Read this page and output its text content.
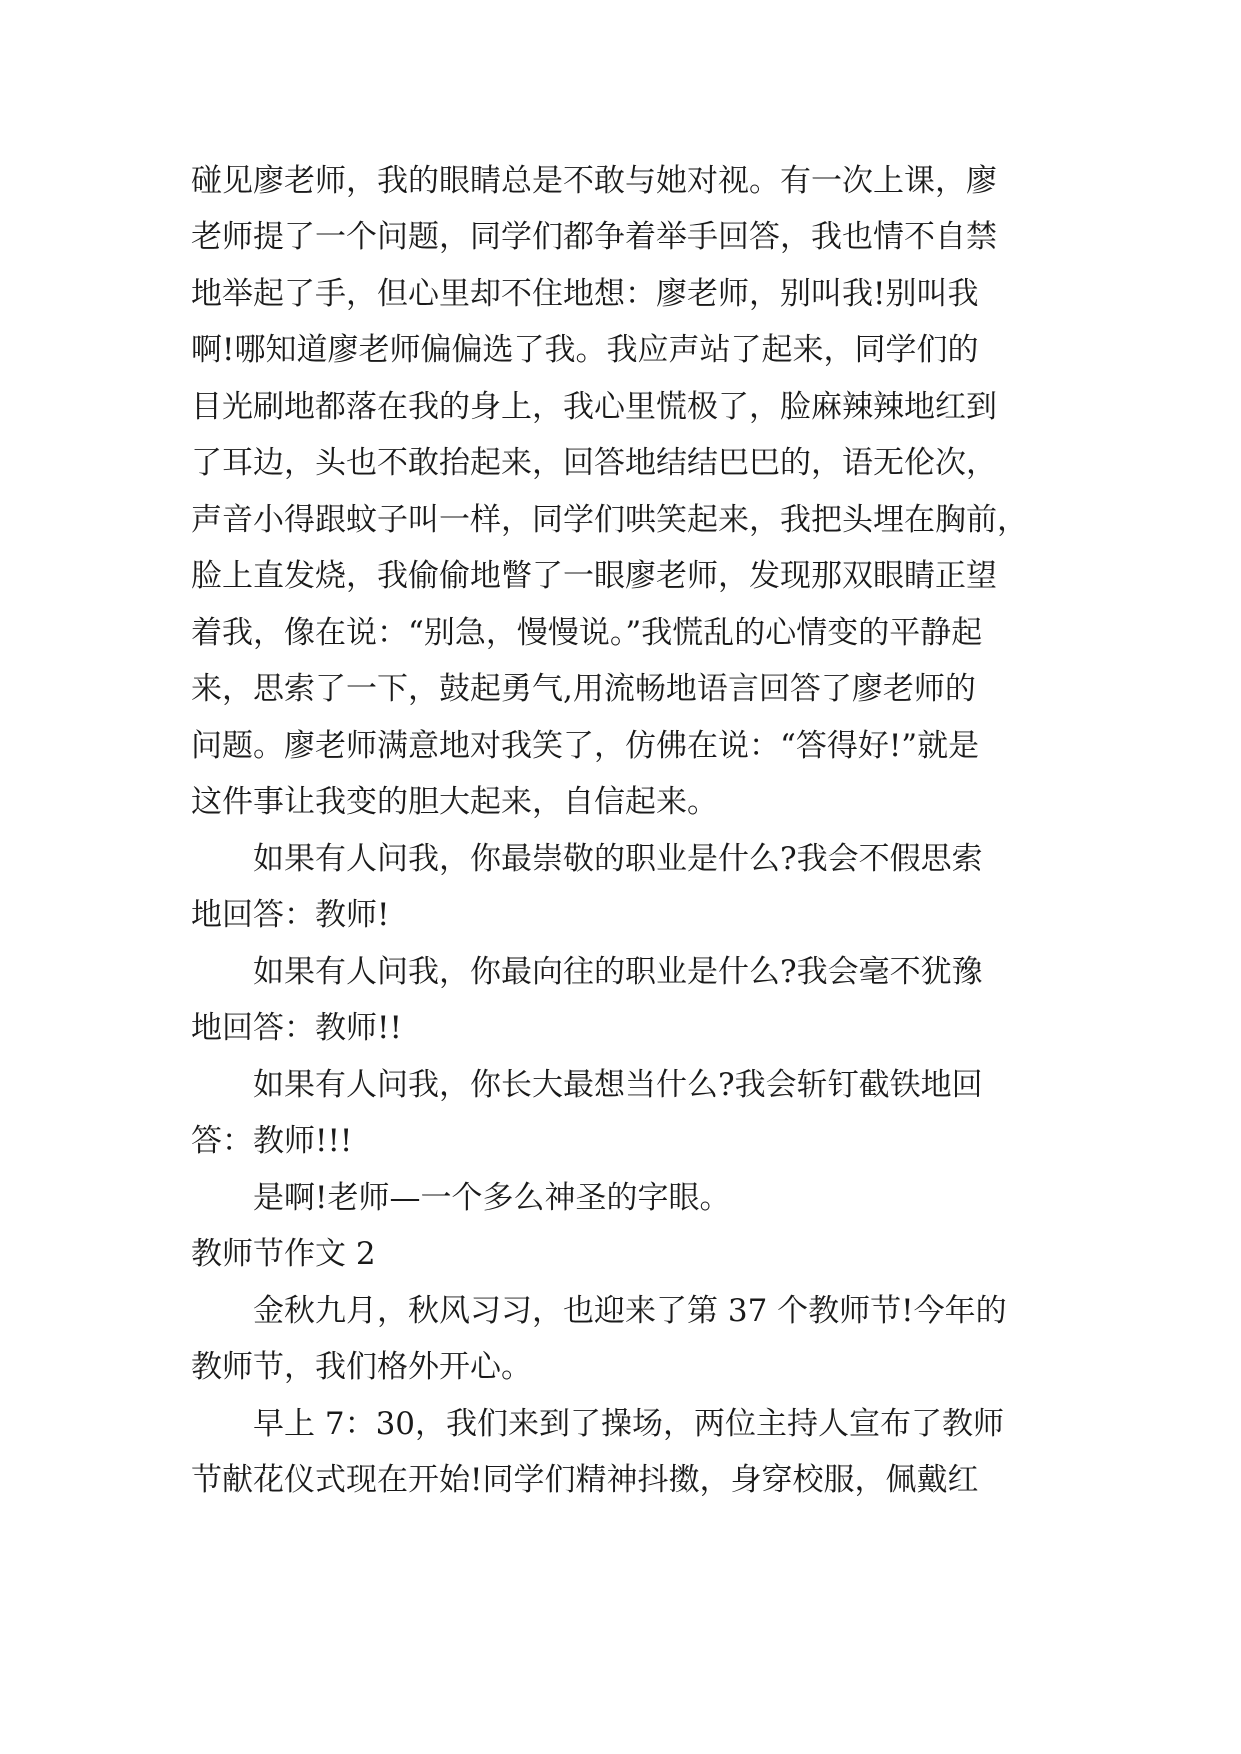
碰见廖老师，我的眼睛总是不敢与她对视。有一次上课，廖
老师提了一个问题，同学们都争着举手回答，我也情不自禁
地举起了手，但心里却不住地想：廖老师，别叫我!别叫我
啊!哪知道廖老师偏偏选了我。我应声站了起来，同学们的
目光刷地都落在我的身上，我心里慌极了，脸麻辣辣地红到
了耳边，头也不敢抬起来，回答地结结巴巴的，语无伦次，
声音小得跟蚊子叫一样，同学们哄笑起来，我把头埋在胸前，
脸上直发烧，我偷偷地瞥了一眼廖老师，发现那双眼睛正望
着我，像在说：“别急，慢慢说。”我慌乱的心情变的平静起
来，思索了一下，鼓起勇气,用流畅地语言回答了廖老师的
问题。廖老师满意地对我笑了，仿佛在说：“答得好!”就是
这件事让我变的胆大起来，自信起来。
如果有人问我，你最崇敬的职业是什么?我会不假思索
地回答：教师!
如果有人问我，你最向往的职业是什么?我会毫不犹豫
地回答：教师!!
如果有人问我，你长大最想当什么?我会斩钉截铁地回
答：教师!!!
是啊!老师—一个多么神圣的字眼。
教师节作文 2
金秋九月，秋风习习，也迎来了第 37 个教师节!今年的
教师节，我们格外开心。
早上 7：30，我们来到了操场，两位主持人宣布了教师
节献花仪式现在开始!同学们精神抖擞，身穿校服，佩戴红
